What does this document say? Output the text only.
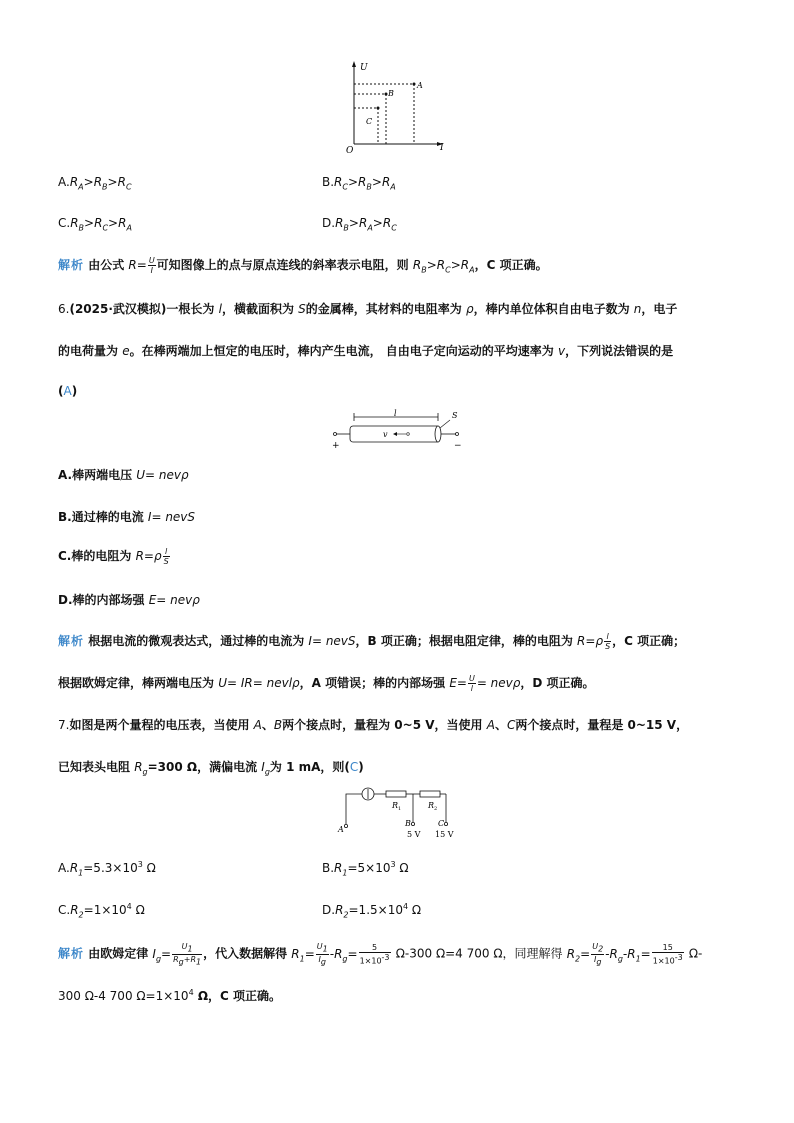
U
I
O
A
B
C
$A.R_A>R_B>R_C$	$B.R_C>R_B>R_A$
$C.R_B>R_C>R_A$	$D.R_B>R_A>R_C$
解析 由公式 $R= \frac{U}{I}$ 可知图像上的点与原点连线的斜率表示电阻，则 $R_B>R_C>R_A$，C 项正确。
6.(2025·武汉模拟)一根长为 l，横截面积为 S的金属棒，其材料的电阻率为 ρ，棒内单位体积自由电子数为 n，电子
的电荷量为 e。在棒两端加上恒定的电压时，棒内产生电流， 自由电子定向运动的平均速率为 v，下列说法错误的是
(A)
l	S
+	−
v
A.棒两端电压 U= nevρ
B.通过棒的电流 I= nevS
C.棒的电阻为 $R=\rho \frac{l}{S}$
D.棒的内部场强 E= nevρ
解析 根据电流的微观表达式，通过棒的电流为 I= nevS，B 项正确；根据电阻定律，棒的电阻为 $R=\rho \frac{l}{S}$ ，C 项正确；
根据欧姆定律，棒两端电压为 U= IR= nevlρ，A 项错误；棒的内部场强 $E= \frac{U}{l} = nev\rho$，D 项正确。
7.如图是两个量程的电压表，当使用 A、B两个接点时，量程为 0~5 V，当使用 A、C两个接点时，量程是 0~15 V，
已知表头电阻 $R_g=300$ Ω，满偏电流 $I_g$为 1 mA，则(C)
R 1	R 2
A
B	C
5 V 15 V
$A.R_1=5.3\times 10^3$ Ω	$B.R_1=5\times 10^3$ Ω
$C.R_2=1\times 10^4$ Ω	$D.R_2=1.5\times 10^4$ Ω
解析 由欧姆定律 $I_g= \frac{U_1}{R_g+R_1}$ ，代入数据解得 $R_1= \frac{U_1}{I_g} -R_g= \frac{5}{1\times 10^{-3}} \Omega-300$ Ω=4 700 Ω，同理解得 $R_2= \frac{U_2}{I_g} -R_g-R_1= \frac{15}{1\times 10^{-3}} \Omega-$
300 Ω-4 700 $\Omega=1\times 10^4$ Ω，C 项正确。
